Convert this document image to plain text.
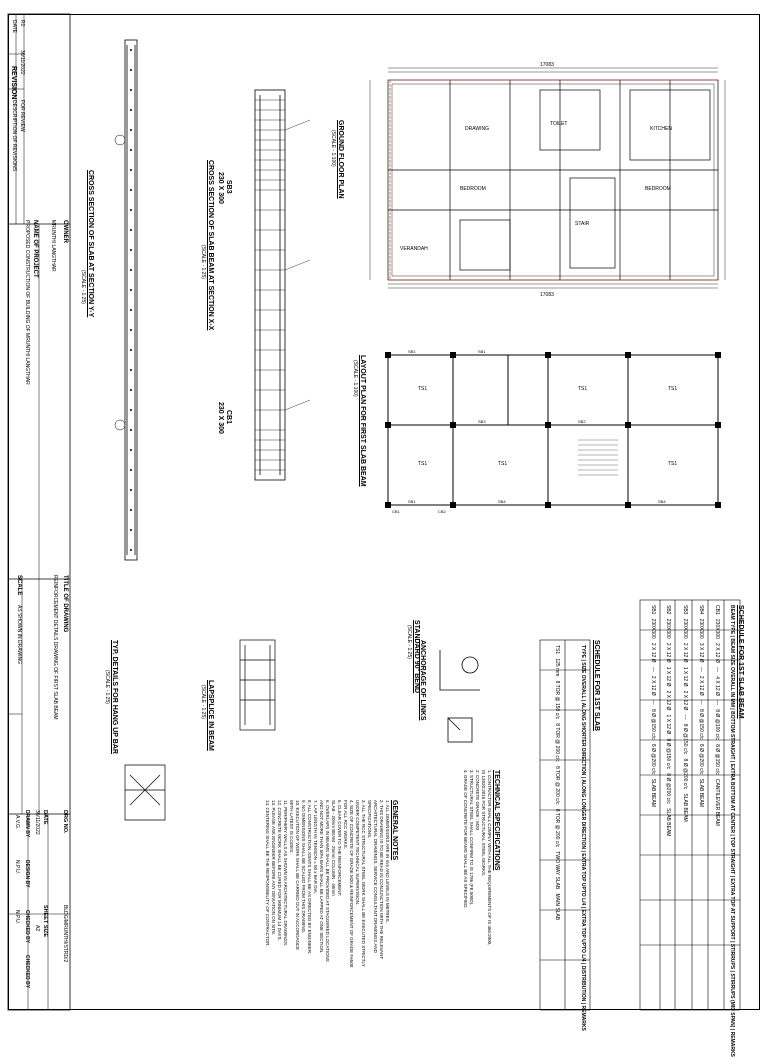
REVISION
DATE
DESCRIPTION OF REVISIONS
R0
30/11/2022
FOR REVIEW
OWNER
MRUNTHI LANGTHAR
NAME OF PROJECT
PROPOSED CONSTRUCTION OF BUILDING OF MRUNTHI LANGTHAR
TITLE OF DRAWING
REINFORCEMENT DETAILS DRAWING OF FIRST SLAB BEAM
SCALE
AS SHOWN IN DRAWING
DRG NO.
BLDG/MRUNTHI/STRD/2
DATE
30/11/2022
SHEET SIZE
A2
DRAWN BY
A.V.G.
DESIGN BY
N.P.U.
CHECKED BY
N.P.U.
CHECKED BY
17083
17083
KITCHEN
BEDROOM
BEDROOM
TOILET
STAIR
DRAWING
VERANDAH
GROUND FLOOR PLAN
(SCALE - 1:100)
TS1
TS1
TS1	TS1
TS1
TS1
SB1	SB1
SB2
SB3
SB4
CB1	CB2
SB1	SB4
LAYOUT PLAN FOR FIRST SLAB BEAM
(SCALE - 1:100)
SB3
230 X 300
CB1
230 X 300
CROSS SECTION OF SLAB BEAM AT SECTION X-X
(SCALE - 1:25)
CROSS SECTION OF SLAB AT SECTION Y-Y
(SCALE - 1:25)
STANDARD 90° BEND
(SCALE - 1:25) ANCHORAGE OF LINKS
LAPSPLICE IN BEAM
(SCALE - 1:25)
TYP. DETAILS FOR HANG UP BAR
(SCALE - 1:25)	SCHEDULE FOR 1ST SLAB BEAM
SB1   230X300   2 X 12 Ø   ---   2 X 12 Ø   ---   8 Ø @150 c/c   8 Ø @200 c/c   SLAB BEAM
SB2   230X300   2 X 12 Ø   1 X 12 Ø   2 X 12 Ø   1 X 12 Ø   8 Ø @150 c/c   8 Ø @200 c/c   SLAB BEAM
SB3   230X300   2 X 12 Ø   1 X 12 Ø   2 X 12 Ø   ---   8 Ø @150 c/c   8 Ø @200 c/c   SLAB BEAM
SB4   230X300   3 X 12 Ø   ---   2 X 12 Ø   ---   8 Ø @150 c/c   8 Ø @200 c/c   SLAB BEAM
CB1   230X300   2 X 12 Ø   ---   4 X 12 Ø   ---   8 Ø @100 c/c   8 Ø @150 c/c   CANTILEVER BEAM
BEAM TYPE | BEAM SIZE OVERALL IN MM | BOTTOM STRAIGHT | EXTRA BOTTOM AT CENTER | TOP STRAIGHT | EXTRA TOP AT SUPPORT | STIRRUPS | STIRRUPS (MID SPAN) | REMARKS
SCHEDULE FOR 1ST SLAB
TYPE | SIZE OVERALL | ALONG SHORTER DIRECTION | ALONG LONGER DIRECTION | EXTRA TOP UPTO L/4 | EXTRA TOP UPTO L/4 | DISTRIBUTION | REMARKS
TS1   125 mm   8 TOR @ 150 c/c   8 TOR @ 200 c/c   8 TOR @ 200 c/c   8 TOR @ 200 c/c   TWO WAY SLAB   MAIN SLAB
TECHNICAL SPECIFICATIONS
1. CONTRACTOR SHALL COMPLY WITH ALL THE REQUIREMENTS OF IS 456:2000,
IS 13920:2016 FOR STRUCTURAL STEEL WORKS.
2. CONCRETE GRADE : M20
3. STRUCTURAL STEEL SHALL CONFIRM TO IS 1786 (FE 500D).
4. GRADE OF CONCRETE FOR BEAMS SHALL BE AS SPECIFIED.
GENERAL NOTES
1. ALL DIMENSIONS ARE IN mm AND LEVELS IN METRES.
2. THIS DRAWING IS TO BE READ IN CONJUNCTION WITH THE RELEVANT
ARCHITECTURAL DRAWINGS, SERVICE CONSULTANT DRAWINGS AND
SPECIFICATIONS.
3. ALL THE RCC STRUCTURAL STEEL WORK SHALL BE EXECUTED STRICTLY
UNDER COMPETENT TECHNICAL SUPERVISION.
4. SIZE OF CONCRETE OF GRADE M20 & REINFORCEMENT OF GRADE Fe500
FOR ALL RCC WORKS.
5. CLEAR COVER TO THE REINFORCEMENT:
SLAB - 20mm BEAM - 25mm COLUMN - 40mm
6. OVERLAPS IN BEAMS SHALL BE PROVIDED AT STAGGERED LOCATIONS
AND NOT MORE THAN 50% BARS SHALL BE LAPPED AT ONE SECTION.
7. LAP LENGTH IN TENSION = 50 x BAR DIA.
8. ALL CONSTRUCTION JOINTS SHALL BE AS DIRECTED BY ENGINEER.
9. NO DIMENSIONS SHALL BE SCALED FROM THIS DRAWING.
10. EXECUTION OF WORK SHALL BE CARRIED OUT IN ACCORDANCE
WITH LATEST IS CODES.
11. PERIPHERY WALLS AS SHOWN IN ARCHITECTURAL DRAWINGS.
12. CONCRETE WORK SHALL BE CURED FOR MINIMUM 14 DAYS.
13. PLEASE ASK ENGINEER BEFORE ANY DEVIATION ON SITE.
14. CENTERING SHALL BE THE RESPONSIBILITY OF CONTRACTOR.
